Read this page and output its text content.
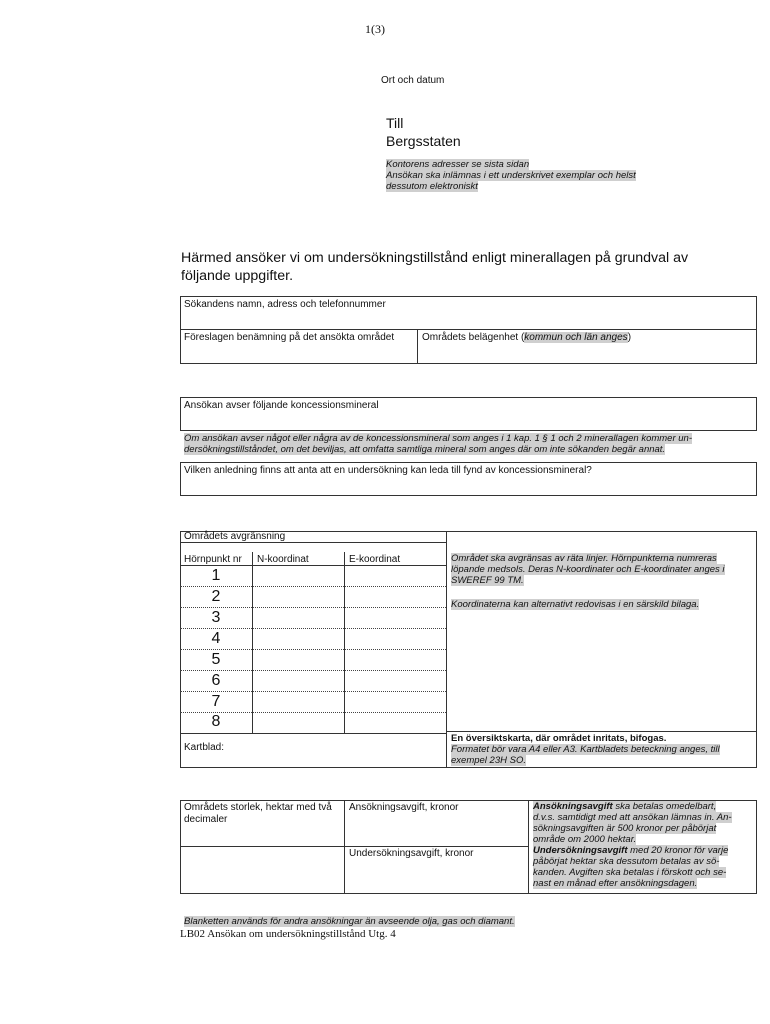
1(3)
Ort och datum
Till
Bergsstaten
Kontorens adresser se sista sidan
Ansökan ska inlämnas i ett underskrivet exemplar och helst
dessutom elektroniskt
Härmed ansöker vi om undersökningstillstånd enligt minerallagen på grundval av
följande uppgifter.
Sökandens namn, adress och telefonnummer
Föreslagen benämning på det ansökta området	Områdets belägenhet (kommun och län anges)
Ansökan avser följande koncessionsmineral
Om ansökan avser något eller några av de koncessionsmineral som anges i 1 kap. 1 § 1 och 2 minerallagen kommer un-
dersökningstillståndet, om det beviljas, att omfatta samtliga mineral som anges där om inte sökanden begär annat.
Vilken anledning finns att anta att en undersökning kan leda till fynd av koncessionsmineral?
Områdets avgränsning
Hörnpunkt nr N-koordinat	E-koordinat
1
2
3
4
5
6
7
8
Området ska avgränsas av räta linjer. Hörnpunkterna numreras
löpande medsols. Deras N-koordinater och E-koordinater anges i
SWEREF 99 TM.
Koordinaterna kan alternativt redovisas i en särskild bilaga.
Kartblad:
En översiktskarta, där området inritats, bifogas.
Formatet bör vara A4 eller A3. Kartbladets beteckning anges, till
exempel 23H SO.
Områdets storlek, hektar med två
decimaler
Ansökningsavgift, kronor
Undersökningsavgift, kronor
Ansökningsavgift ska betalas omedelbart,
d.v.s. samtidigt med att ansökan lämnas in. An-
sökningsavgiften är 500 kronor per påbörjat
område om 2000 hektar.
Undersökningsavgift med 20 kronor för varje
påbörjat hektar ska dessutom betalas av sö-
kanden. Avgiften ska betalas i förskott och se-
nast en månad efter ansökningsdagen.
Blanketten används för andra ansökningar än avseende olja, gas och diamant.
LB02 Ansökan om undersökningstillstånd Utg. 4
